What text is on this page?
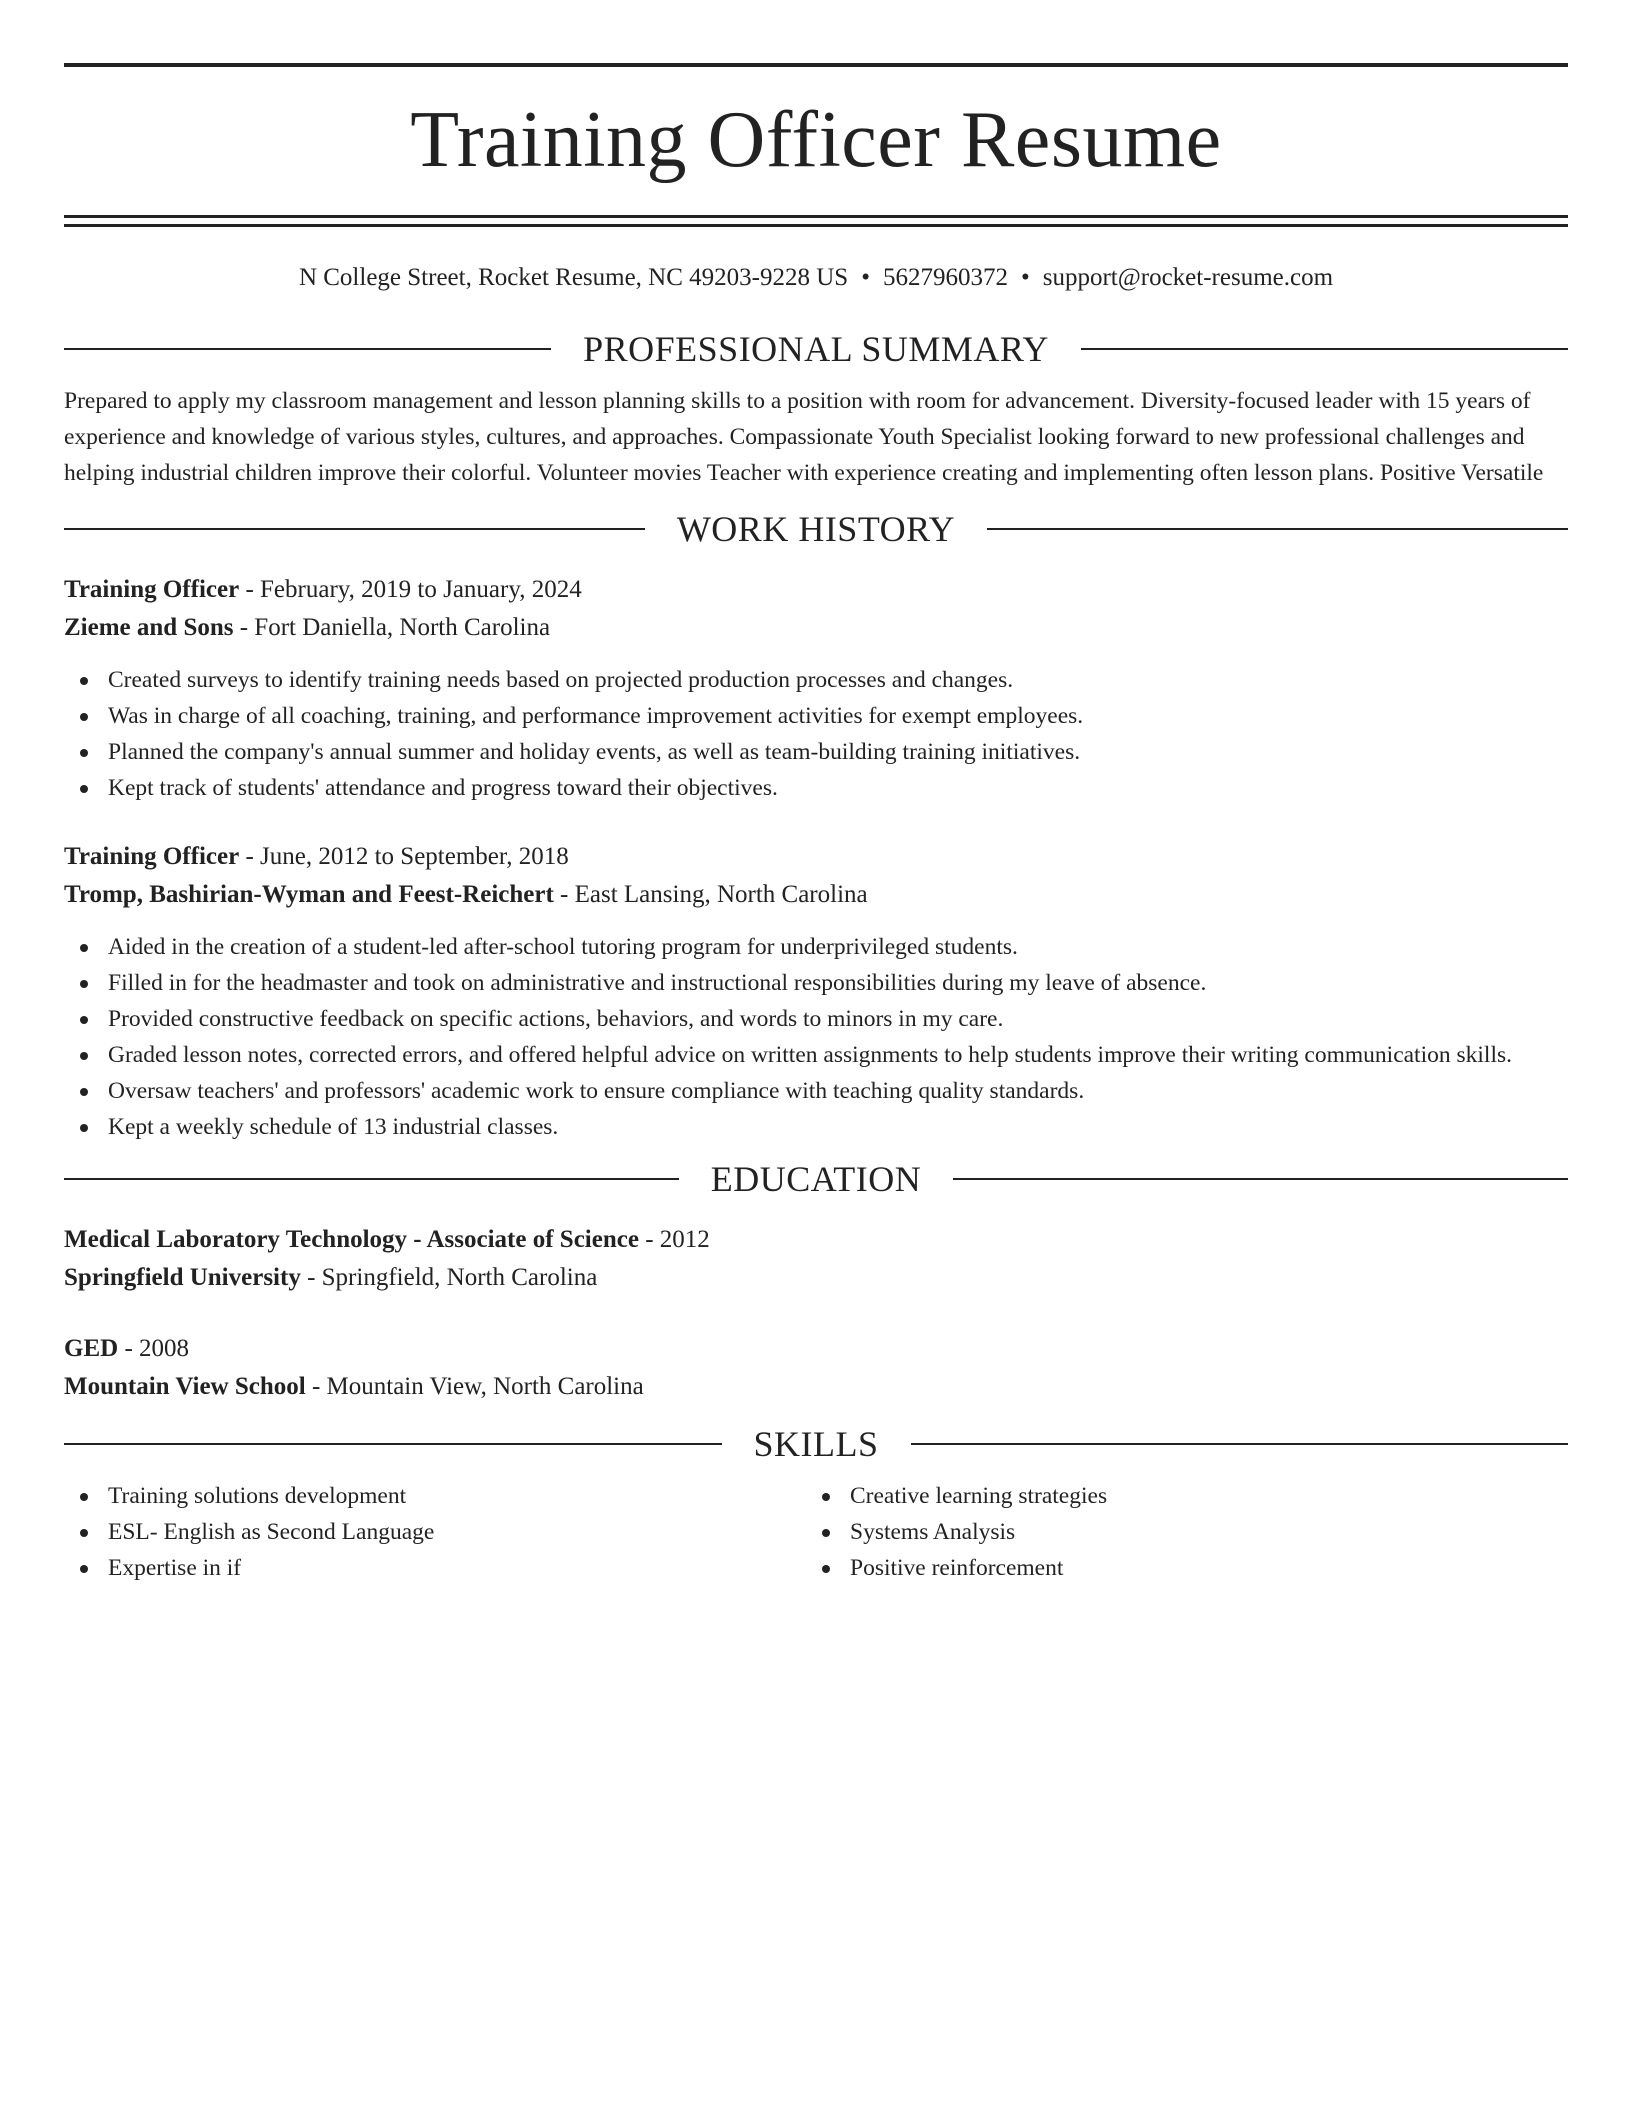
Training Officer Resume
N College Street, Rocket Resume, NC 49203-9228 US • 5627960372 • support@rocket-resume.com
PROFESSIONAL SUMMARY
Prepared to apply my classroom management and lesson planning skills to a position with room for advancement. Diversity-focused leader with 15 years of experience and knowledge of various styles, cultures, and approaches. Compassionate Youth Specialist looking forward to new professional challenges and helping industrial children improve their colorful. Volunteer movies Teacher with experience creating and implementing often lesson plans. Positive Versatile
WORK HISTORY
Training Officer - February, 2019 to January, 2024
Zieme and Sons - Fort Daniella, North Carolina
Created surveys to identify training needs based on projected production processes and changes.
Was in charge of all coaching, training, and performance improvement activities for exempt employees.
Planned the company's annual summer and holiday events, as well as team-building training initiatives.
Kept track of students' attendance and progress toward their objectives.
Training Officer - June, 2012 to September, 2018
Tromp, Bashirian-Wyman and Feest-Reichert - East Lansing, North Carolina
Aided in the creation of a student-led after-school tutoring program for underprivileged students.
Filled in for the headmaster and took on administrative and instructional responsibilities during my leave of absence.
Provided constructive feedback on specific actions, behaviors, and words to minors in my care.
Graded lesson notes, corrected errors, and offered helpful advice on written assignments to help students improve their writing communication skills.
Oversaw teachers' and professors' academic work to ensure compliance with teaching quality standards.
Kept a weekly schedule of 13 industrial classes.
EDUCATION
Medical Laboratory Technology - Associate of Science - 2012
Springfield University - Springfield, North Carolina
GED - 2008
Mountain View School - Mountain View, North Carolina
SKILLS
Training solutions development
ESL- English as Second Language
Expertise in if
Creative learning strategies
Systems Analysis
Positive reinforcement
